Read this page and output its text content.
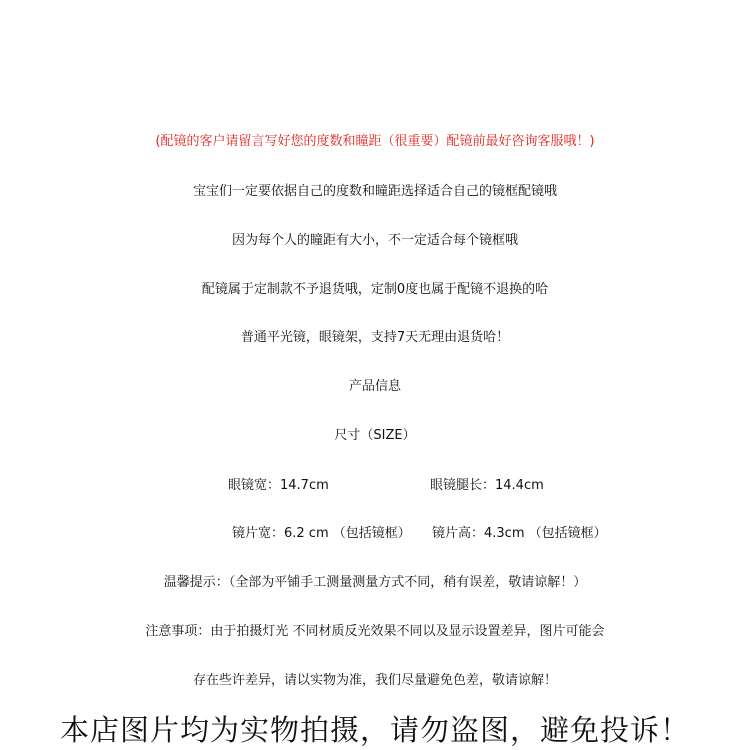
(配镜的客户请留言写好您的度数和瞳距（很重要）配镜前最好咨询客服哦！)
宝宝们一定要依据自己的度数和瞳距选择适合自己的镜框配镜哦
因为每个人的瞳距有大小，不一定适合每个镜框哦
配镜属于定制款不予退货哦，定制0度也属于配镜不退换的哈
普通平光镜，眼镜架，支持7天无理由退货哈！
产品信息
尺寸（SIZE）
眼镜宽：14.7cm	眼镜腿长：14.4cm
镜片宽：6.2 cm （包括镜框） 镜片高：4.3cm （包括镜框）
温馨提示：（全部为平铺手工测量测量方式不同，稍有误差，敬请谅解！）
注意事项：由于拍摄灯光 不同材质反光效果不同以及显示设置差异，图片可能会
存在些许差异，请以实物为准，我们尽量避免色差，敬请谅解！
本店图片均为实物拍摄，请勿盗图，避免投诉！
